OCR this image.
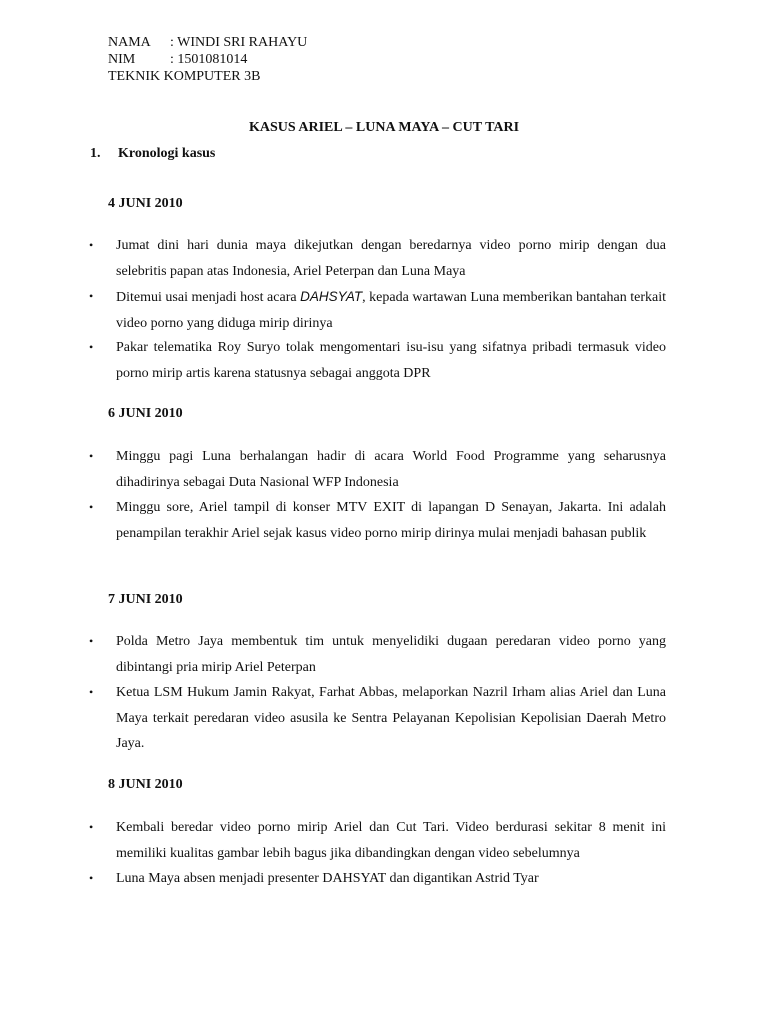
NAMA : WINDI SRI RAHAYU
NIM : 1501081014
TEKNIK KOMPUTER 3B
KASUS ARIEL – LUNA MAYA – CUT TARI
1. Kronologi kasus
4 JUNI 2010
• Jumat dini hari dunia maya dikejutkan dengan beredarnya video porno mirip dengan dua selebritis papan atas Indonesia, Ariel Peterpan dan Luna Maya
• Ditemui usai menjadi host acara DAHSYAT, kepada wartawan Luna memberikan bantahan terkait video porno yang diduga mirip dirinya
• Pakar telematika Roy Suryo tolak mengomentari isu-isu yang sifatnya pribadi termasuk video porno mirip artis karena statusnya sebagai anggota DPR
6 JUNI 2010
• Minggu pagi Luna berhalangan hadir di acara World Food Programme yang seharusnya dihadirinya sebagai Duta Nasional WFP Indonesia
• Minggu sore, Ariel tampil di konser MTV EXIT di lapangan D Senayan, Jakarta. Ini adalah penampilan terakhir Ariel sejak kasus video porno mirip dirinya mulai menjadi bahasan publik
7 JUNI 2010
• Polda Metro Jaya membentuk tim untuk menyelidiki dugaan peredaran video porno yang dibintangi pria mirip Ariel Peterpan
• Ketua LSM Hukum Jamin Rakyat, Farhat Abbas, melaporkan Nazril Irham alias Ariel dan Luna Maya terkait peredaran video asusila ke Sentra Pelayanan Kepolisian Kepolisian Daerah Metro Jaya.
8 JUNI 2010
• Kembali beredar video porno mirip Ariel dan Cut Tari. Video berdurasi sekitar 8 menit ini memiliki kualitas gambar lebih bagus jika dibandingkan dengan video sebelumnya
• Luna Maya absen menjadi presenter DAHSYAT dan digantikan Astrid Tyar
